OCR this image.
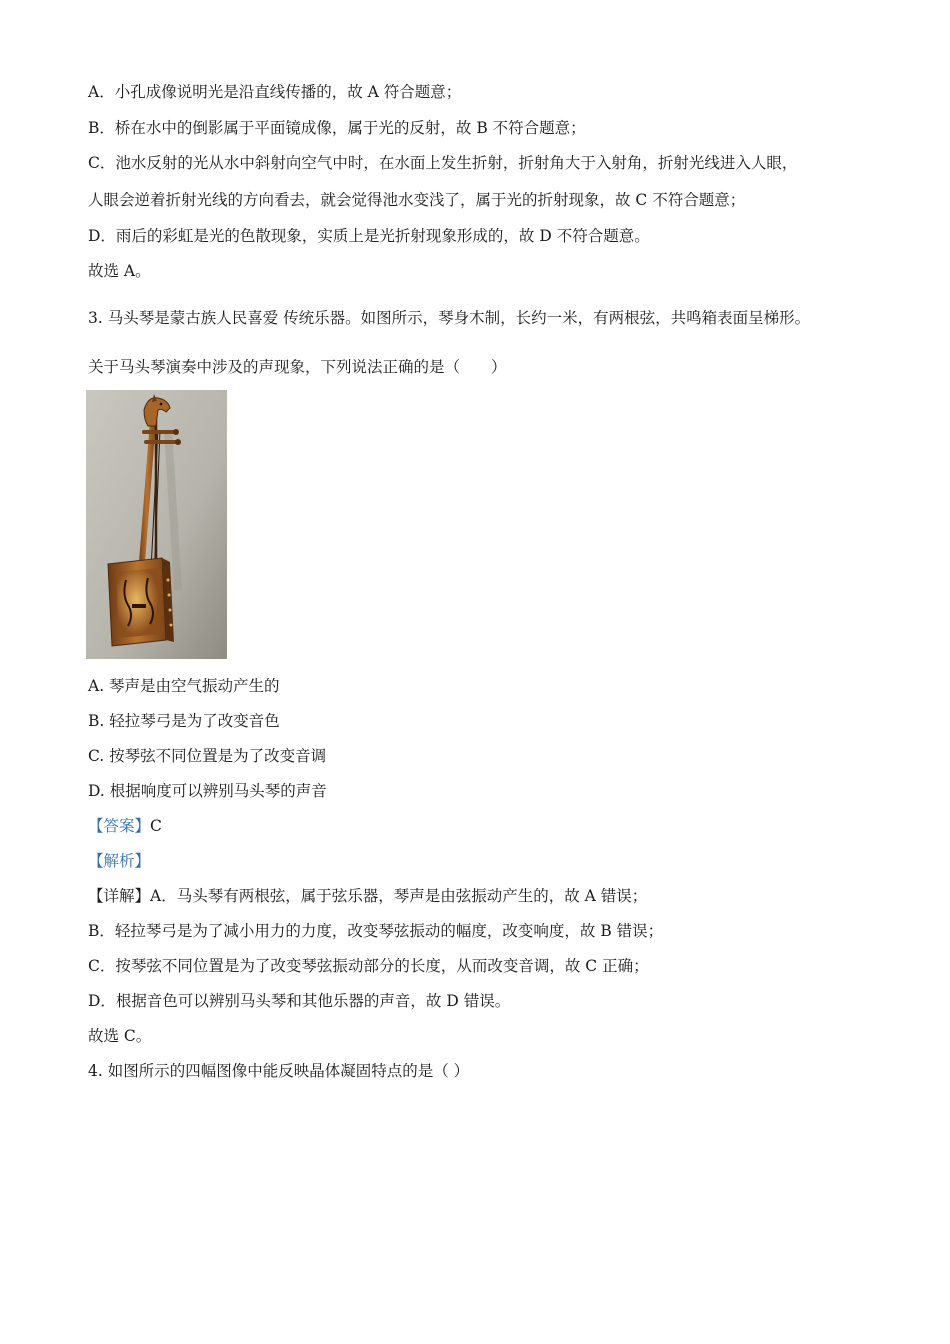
A．小孔成像说明光是沿直线传播的，故 A 符合题意；
B．桥在水中的倒影属于平面镜成像，属于光的反射，故 B 不符合题意；
C．池水反射的光从水中斜射向空气中时，在水面上发生折射，折射角大于入射角，折射光线进入人眼，
人眼会逆着折射光线的方向看去，就会觉得池水变浅了，属于光的折射现象，故 C 不符合题意；
D．雨后的彩虹是光的色散现象，实质上是光折射现象形成的，故 D 不符合题意。
故选 A。
3. 马头琴是蒙古族人民喜爱 传统乐器。如图所示，琴身木制，长约一米，有两根弦，共鸣箱表面呈梯形。
关于马头琴演奏中涉及的声现象，下列说法正确的是（　　）
A. 琴声是由空气振动产生的
B. 轻拉琴弓是为了改变音色
C. 按琴弦不同位置是为了改变音调
D. 根据响度可以辨别马头琴的声音
【答案】C
【解析】
【详解】A．马头琴有两根弦，属于弦乐器，琴声是由弦振动产生的，故 A 错误；
B．轻拉琴弓是为了减小用力的力度，改变琴弦振动的幅度，改变响度，故 B 错误；
C．按琴弦不同位置是为了改变琴弦振动部分的长度，从而改变音调，故 C 正确；
D．根据音色可以辨别马头琴和其他乐器的声音，故 D 错误。
故选 C。
4. 如图所示的四幅图像中能反映晶体凝固特点的是（ ）
